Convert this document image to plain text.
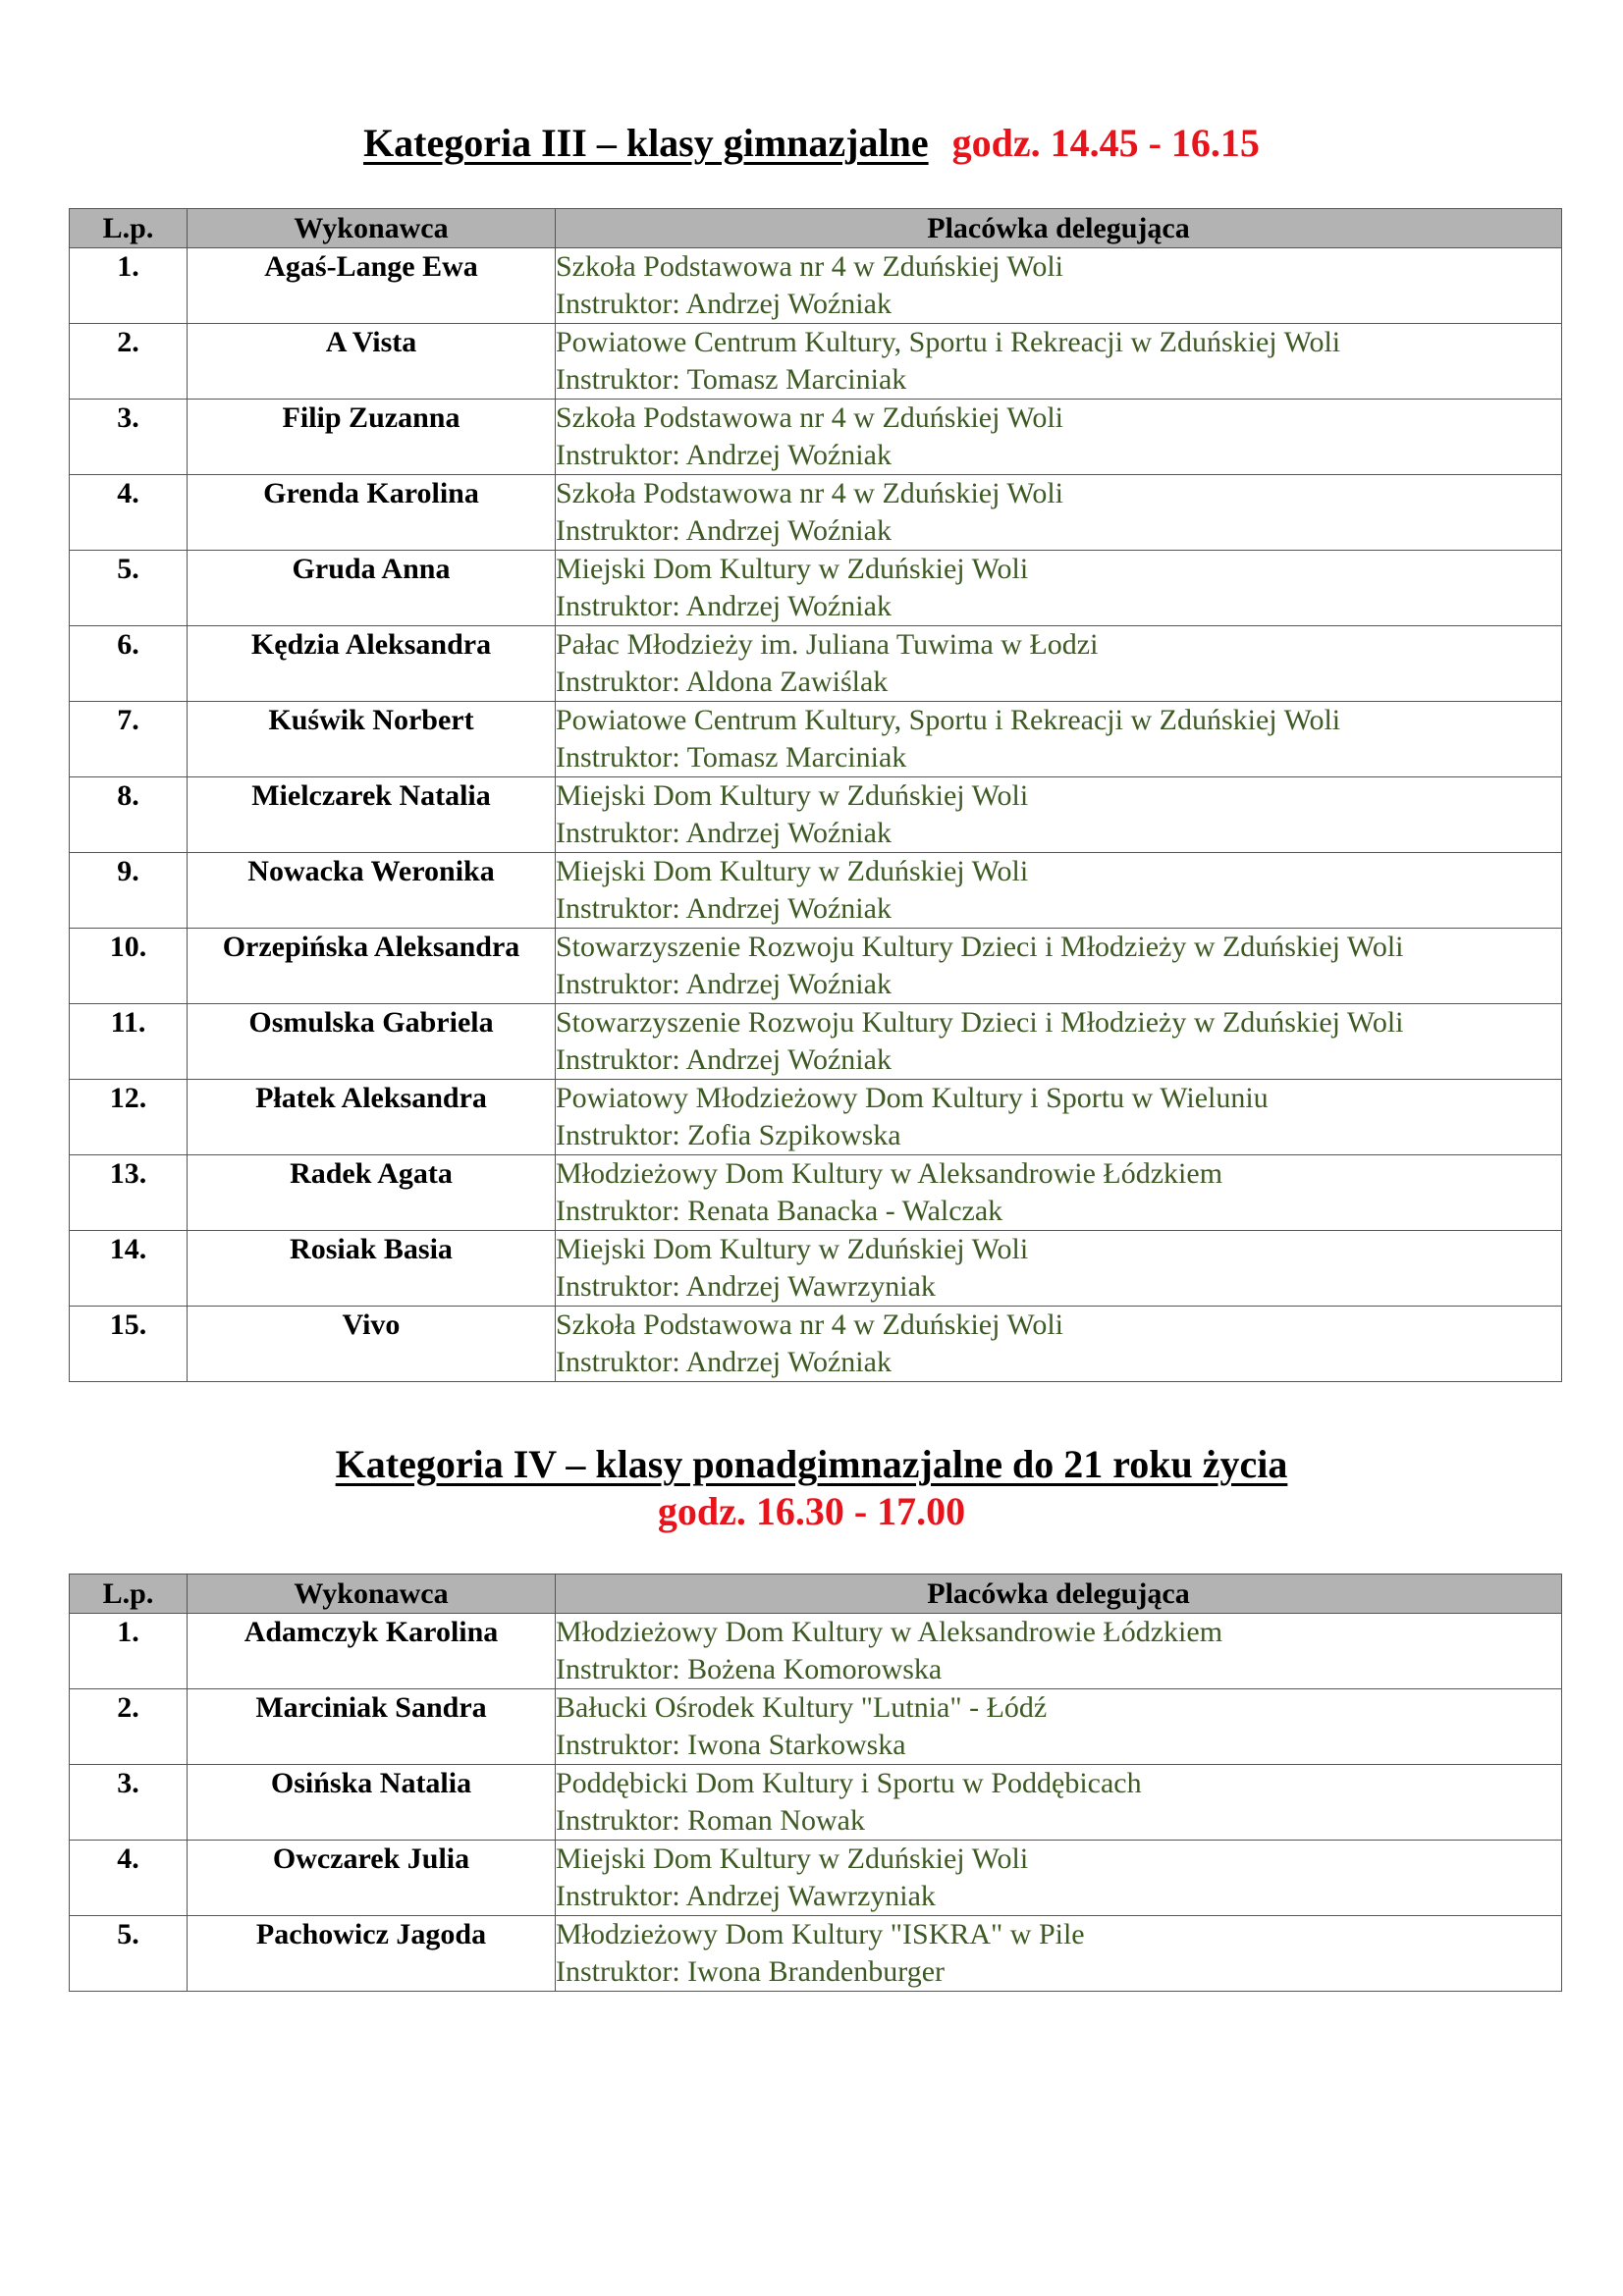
Kategoria III – klasy gimnazjalne godz. 14.45 - 16.15
L.p.	Wykonawca	Placówka delegująca
1.	Agaś-Lange Ewa	Szkoła Podstawowa nr 4 w Zduńskiej Woli
Instruktor: Andrzej Woźniak

2.	A Vista	Powiatowe Centrum Kultury, Sportu i Rekreacji w Zduńskiej Woli
Instruktor: Tomasz Marciniak

3.	Filip Zuzanna	Szkoła Podstawowa nr 4 w Zduńskiej Woli
Instruktor: Andrzej Woźniak

4.	Grenda Karolina	Szkoła Podstawowa nr 4 w Zduńskiej Woli
Instruktor: Andrzej Woźniak

5.	Gruda Anna	Miejski Dom Kultury w Zduńskiej Woli
Instruktor: Andrzej Woźniak

6.	Kędzia Aleksandra	Pałac Młodzieży im. Juliana Tuwima w Łodzi
Instruktor: Aldona Zawiślak

7.	Kuświk Norbert	Powiatowe Centrum Kultury, Sportu i Rekreacji w Zduńskiej Woli
Instruktor: Tomasz Marciniak

8.	Mielczarek Natalia	Miejski Dom Kultury w Zduńskiej Woli
Instruktor: Andrzej Woźniak

9.	Nowacka Weronika	Miejski Dom Kultury w Zduńskiej Woli
Instruktor: Andrzej Woźniak

10.	Orzepińska Aleksandra	Stowarzyszenie Rozwoju Kultury Dzieci i Młodzieży w Zduńskiej Woli
Instruktor: Andrzej Woźniak

11.	Osmulska Gabriela	Stowarzyszenie Rozwoju Kultury Dzieci i Młodzieży w Zduńskiej Woli
Instruktor: Andrzej Woźniak

12.	Płatek Aleksandra	Powiatowy Młodzieżowy Dom Kultury i Sportu w Wieluniu
Instruktor: Zofia Szpikowska

13.	Radek Agata	Młodzieżowy Dom Kultury w Aleksandrowie Łódzkiem
Instruktor: Renata Banacka - Walczak

14.	Rosiak Basia	Miejski Dom Kultury w Zduńskiej Woli
Instruktor: Andrzej Wawrzyniak

15.	Vivo	Szkoła Podstawowa nr 4 w Zduńskiej Woli
Instruktor: Andrzej Woźniak
Kategoria IV – klasy ponadgimnazjalne do 21 roku życia
godz. 16.30 - 17.00
L.p.	Wykonawca	Placówka delegująca
1.	Adamczyk Karolina	Młodzieżowy Dom Kultury w Aleksandrowie Łódzkiem
Instruktor: Bożena Komorowska

2.	Marciniak Sandra	Bałucki Ośrodek Kultury "Lutnia" - Łódź
Instruktor: Iwona Starkowska

3.	Osińska Natalia	Poddębicki Dom Kultury i Sportu w Poddębicach
Instruktor: Roman Nowak

4.	Owczarek Julia	Miejski Dom Kultury w Zduńskiej Woli
Instruktor: Andrzej Wawrzyniak

5.	Pachowicz Jagoda	Młodzieżowy Dom Kultury "ISKRA" w Pile
Instruktor: Iwona Brandenburger
